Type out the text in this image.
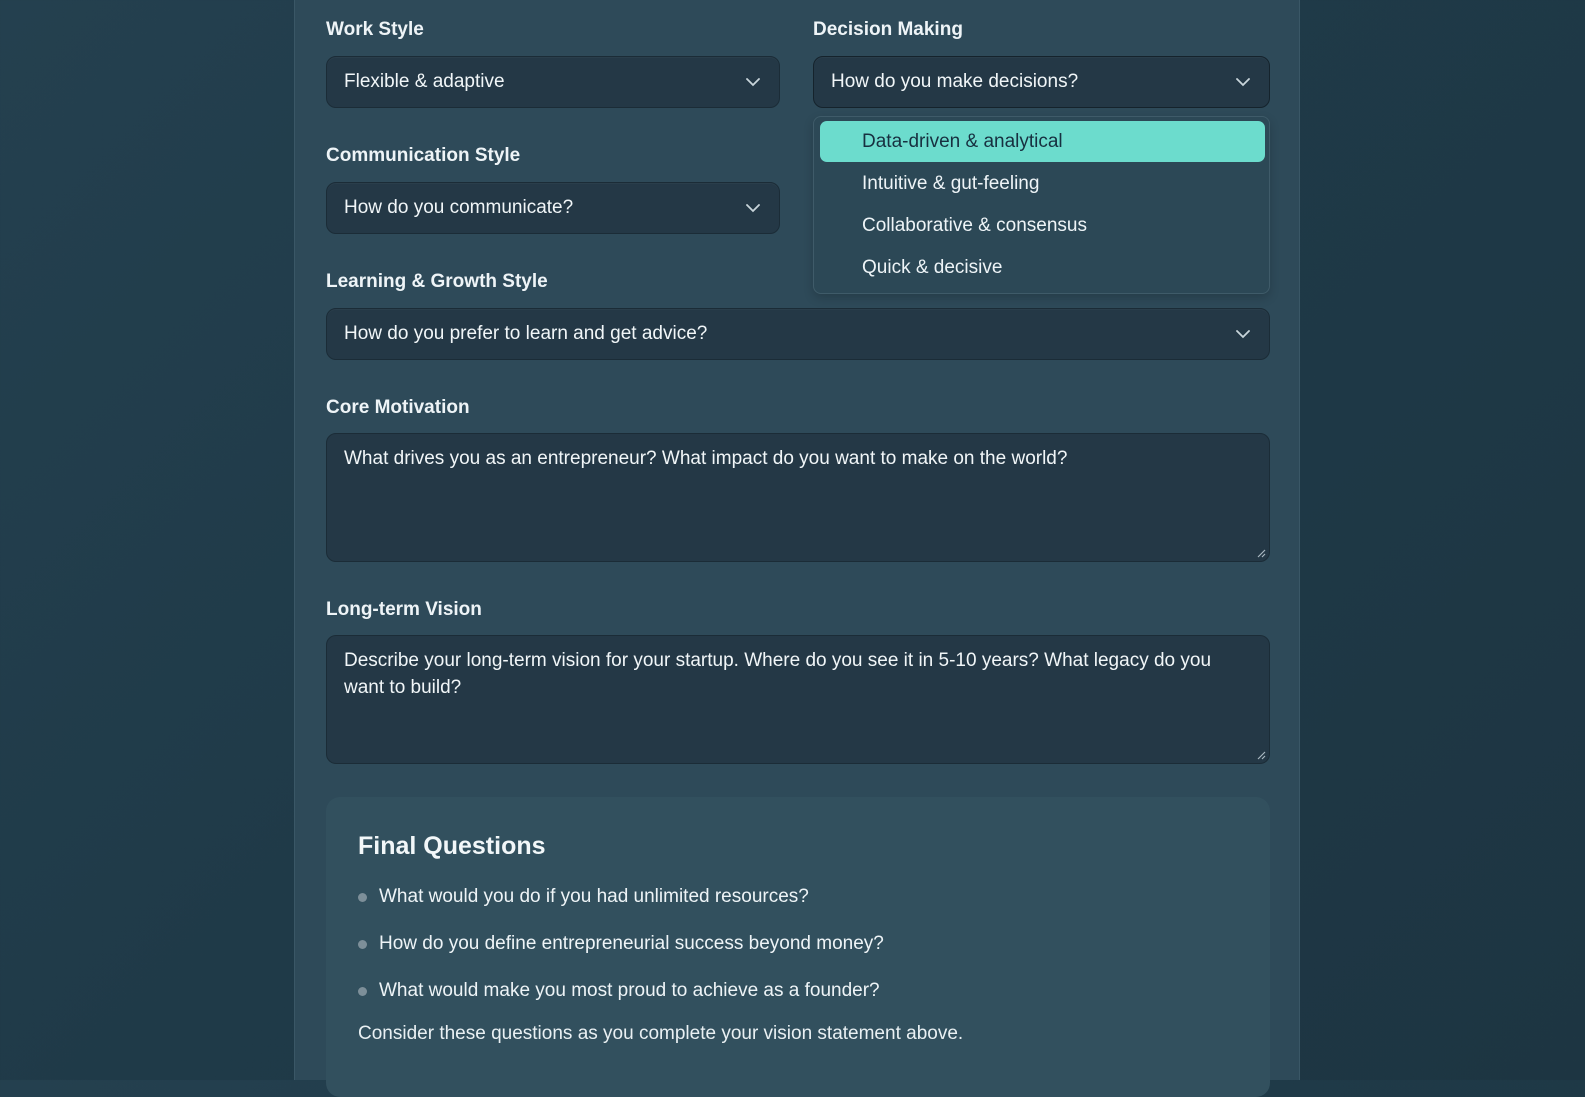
Work Style
Flexible & adaptive
Decision Making
How do you make decisions?
Communication Style
How do you communicate?
Data-driven & analytical
Intuitive & gut-feeling
Collaborative & consensus
Quick & decisive
Learning & Growth Style
How do you prefer to learn and get advice?
Core Motivation
What drives you as an entrepreneur? What impact do you want to make on the world?
Long-term Vision
Describe your long-term vision for your startup. Where do you see it in 5-10 years? What legacy do you want to build?
Final Questions
What would you do if you had unlimited resources?
How do you define entrepreneurial success beyond money?
What would make you most proud to achieve as a founder?
Consider these questions as you complete your vision statement above.
